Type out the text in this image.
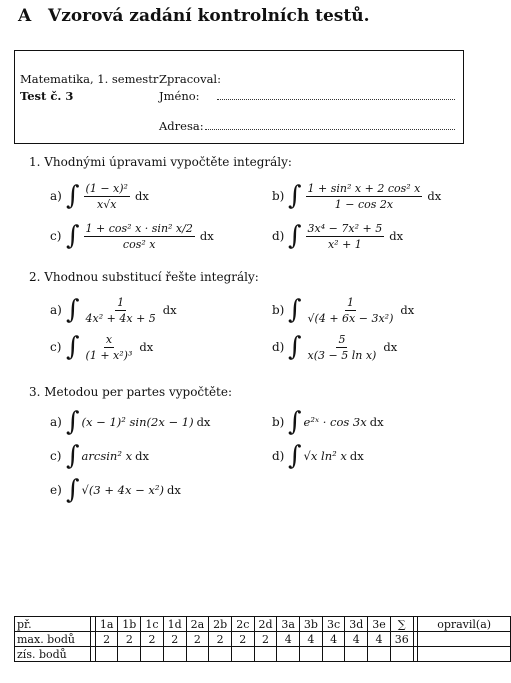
A Vzorová zadání kontrolních testů.
Matematika, 1. semestr
Test č. 3
Zpracoval:
Jméno:
Adresa:
1. Vhodnými úpravami vypočtěte integrály:
a) ∫ $\frac{\text{(1 − x)²}}{x√x}$ dx	b) ∫ $\frac{\text{1 + sin² x + 2 cos² x}}{1 - \cos 2x}$ dx
c) ∫ $\frac{\text{1 + cos² x · sin² x/2}}{\text{cos² x}}$ dx	d) ∫ $\frac{\text{3x⁴ − 7x² + 5}}{\text{x² + 1}}$ dx
2. Vhodnou substitucí řešte integrály:
a) ∫ $\frac{1}{\text{4x² + 4x + 5}}$ dx	b) ∫ $\frac{1}{\text{√(4 + 6x − 3x²)}}$ dx
c) ∫ $\frac{x}{\text{(1 + x²)³}}$ dx	d) ∫ $\frac{5}{\text{x(3 − 5 ln x)}}$ dx
3. Metodou per partes vypočtěte:
a) ∫ (x − 1)² sin(2x − 1) dx	b) ∫ e²ˣ · cos 3x dx
c) ∫ arcsin² x dx	d) ∫ √x ln² x dx
e) ∫ √(3 + 4x − x²) dx
př.		1a	1b	1c	1d	2a	2b	2c	2d	3a	3b	3c	3d	3e	∑		opravil(a)
max. bodů		2	2	2	2	2	2	2	2	4	4	4	4	4	36		
zís. bodů																	
